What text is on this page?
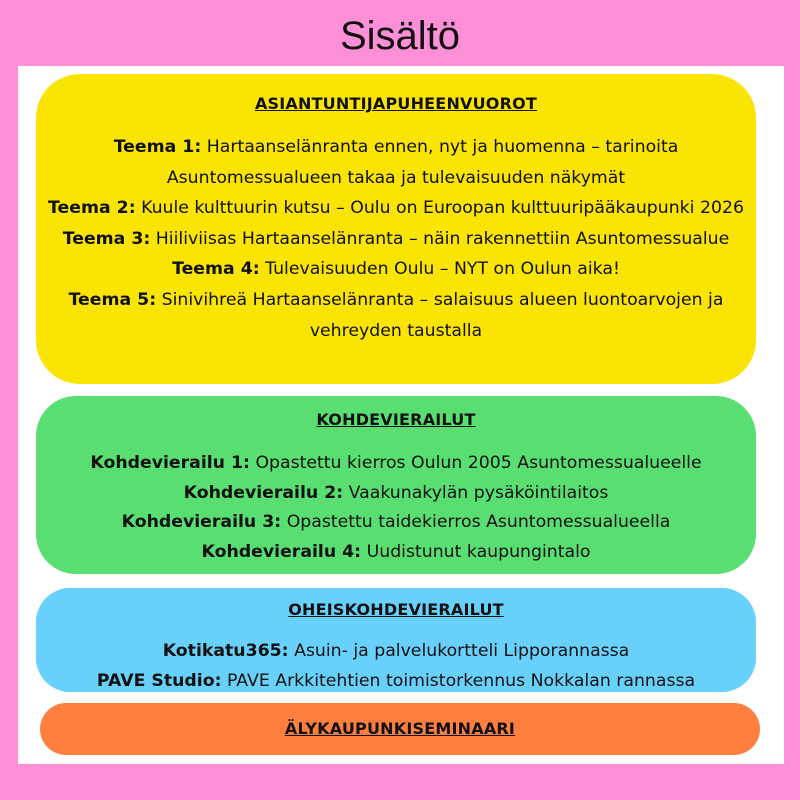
Sisältö
ASIANTUNTIJAPUHEENVUOROT
Teema 1: Hartaanselänranta ennen, nyt ja huomenna – tarinoita Asuntomessualueen takaa ja tulevaisuuden näkymät
Teema 2: Kuule kulttuurin kutsu – Oulu on Euroopan kulttuuripääkaupunki 2026
Teema 3: Hiiliviisas Hartaanselänranta – näin rakennettiin Asuntomessualue
Teema 4: Tulevaisuuden Oulu – NYT on Oulun aika!
Teema 5: Sinivihreä Hartaanselänranta – salaisuus alueen luontoarvojen ja vehreyden taustalla
KOHDEVIERAILUT
Kohdevierailu 1: Opastettu kierros Oulun 2005 Asuntomessualueelle
Kohdevierailu 2: Vaakunakylän pysäköintilaitos
Kohdevierailu 3: Opastettu taidekierros Asuntomessualueella
Kohdevierailu 4: Uudistunut kaupungintalo
OHEISKOHDEVIERAILUT
Kotikatu365: Asuin- ja palvelukortteli Lipporannassa
PAVE Studio: PAVE Arkkitehtien toimistorkennus Nokkalan rannassa
ÄLYKAUPUNKISEMINAARI
